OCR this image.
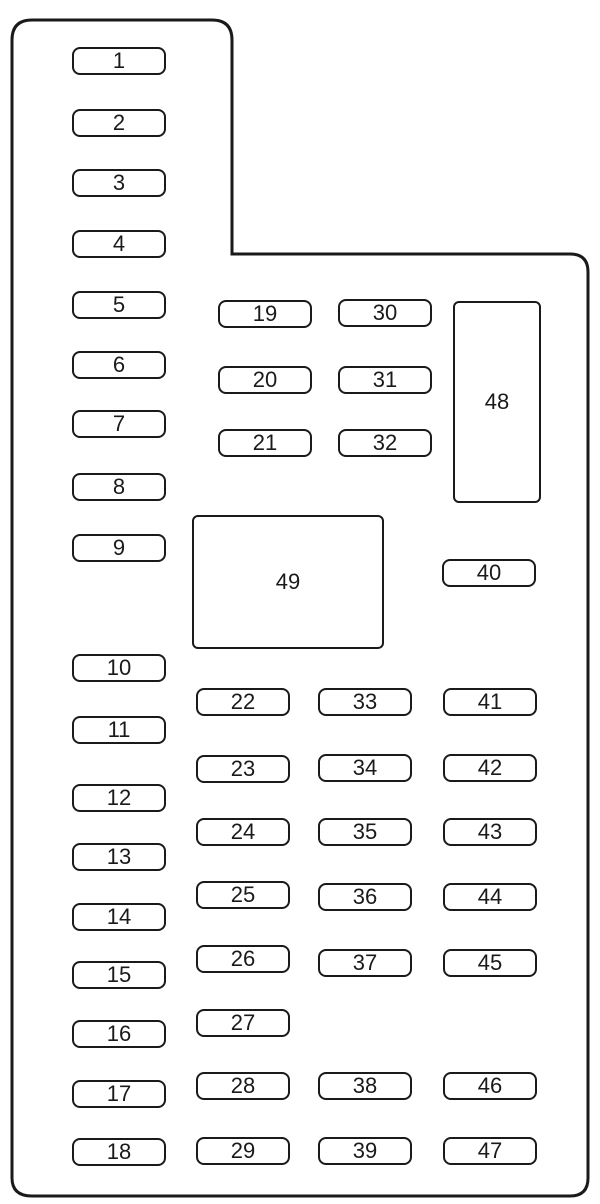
1
2
3
4
5
6
7
8
9
10
11
12
13
14
15
16
17
18
19
20
21
30
31
32
48
49	40
22
23
24
25
26
27
28
29
33
34
35
36
37
38
39
41
42
43
44
45
46
47
